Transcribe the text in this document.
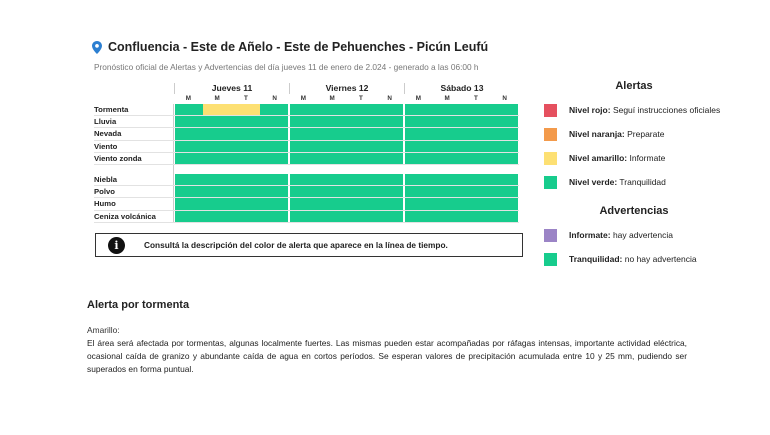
Confluencia - Este de Añelo - Este de Pehuenches - Picún Leufú
Pronóstico oficial de Alertas y Advertencias del día jueves 11 de enero de 2.024 - generado a las 06:00 h
Jueves 11	Viernes 12	Sábado 13
M	M	T	N	M	M	T	N	M	M	T	N
Tormenta
Lluvia
Nevada
Viento
Viento zonda
Niebla
Polvo
Humo
Ceniza volcánica
i	Consultá la descripción del color de alerta que aparece en la línea de tiempo.
Alertas
Nivel rojo: Seguí instrucciones oficiales
Nivel naranja: Preparate
Nivel amarillo: Informate
Nivel verde: Tranquilidad
Advertencias
Informate: hay advertencia
Tranquilidad: no hay advertencia
Alerta por tormenta
Amarillo:
El área será afectada por tormentas, algunas localmente fuertes. Las mismas pueden estar acompañadas por ráfagas intensas, importante actividad eléctrica, ocasional caída de granizo y abundante caída de agua en cortos períodos. Se esperan valores de precipitación acumulada entre 10 y 25 mm, pudiendo ser superados en forma puntual.
